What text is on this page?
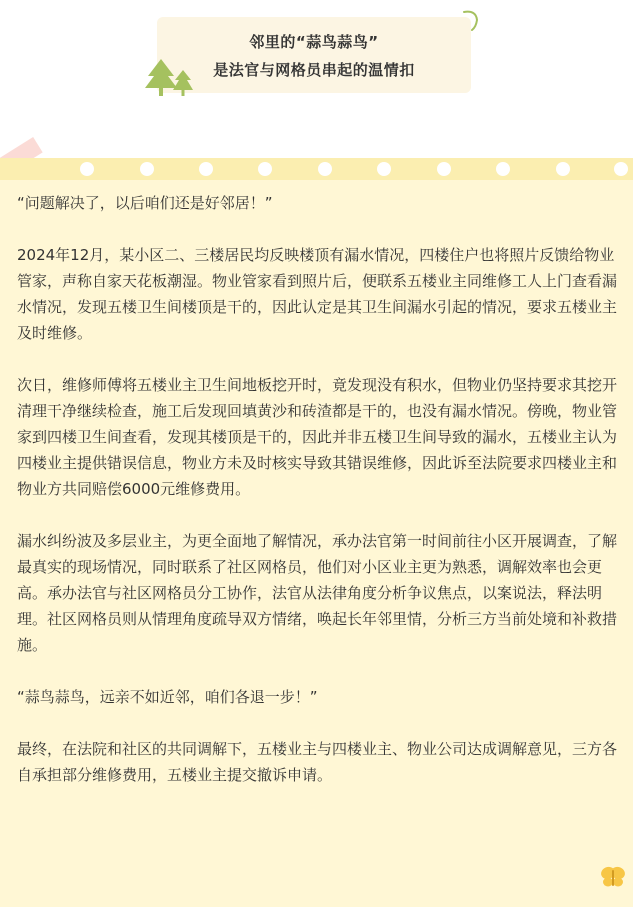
邻里的“蒜鸟蒜鸟”
是法官与网格员串起的温情扣

“问题解决了，以后咱们还是好邻居！”

2024年12月，某小区二、三楼居民均反映楼顶有漏水情况，四楼住户也将照片反馈给物业管家，声称自家天花板潮湿。物业管家看到照片后，便联系五楼业主同维修工人上门查看漏水情况，发现五楼卫生间楼顶是干的，因此认定是其卫生间漏水引起的情况，要求五楼业主及时维修。

次日，维修师傅将五楼业主卫生间地板挖开时，竟发现没有积水，但物业仍坚持要求其挖开清理干净继续检查，施工后发现回填黄沙和砖渣都是干的，也没有漏水情况。傍晚，物业管家到四楼卫生间查看，发现其楼顶是干的，因此并非五楼卫生间导致的漏水，五楼业主认为四楼业主提供错误信息，物业方未及时核实导致其错误维修，因此诉至法院要求四楼业主和物业方共同赔偿6000元维修费用。

漏水纠纷波及多层业主，为更全面地了解情况，承办法官第一时间前往小区开展调查，了解最真实的现场情况，同时联系了社区网格员，他们对小区业主更为熟悉，调解效率也会更高。承办法官与社区网格员分工协作，法官从法律角度分析争议焦点，以案说法，释法明理。社区网格员则从情理角度疏导双方情绪，唤起长年邻里情，分析三方当前处境和补救措施。

“蒜鸟蒜鸟，远亲不如近邻，咱们各退一步！”

最终，在法院和社区的共同调解下，五楼业主与四楼业主、物业公司达成调解意见，三方各自承担部分维修费用，五楼业主提交撤诉申请。
